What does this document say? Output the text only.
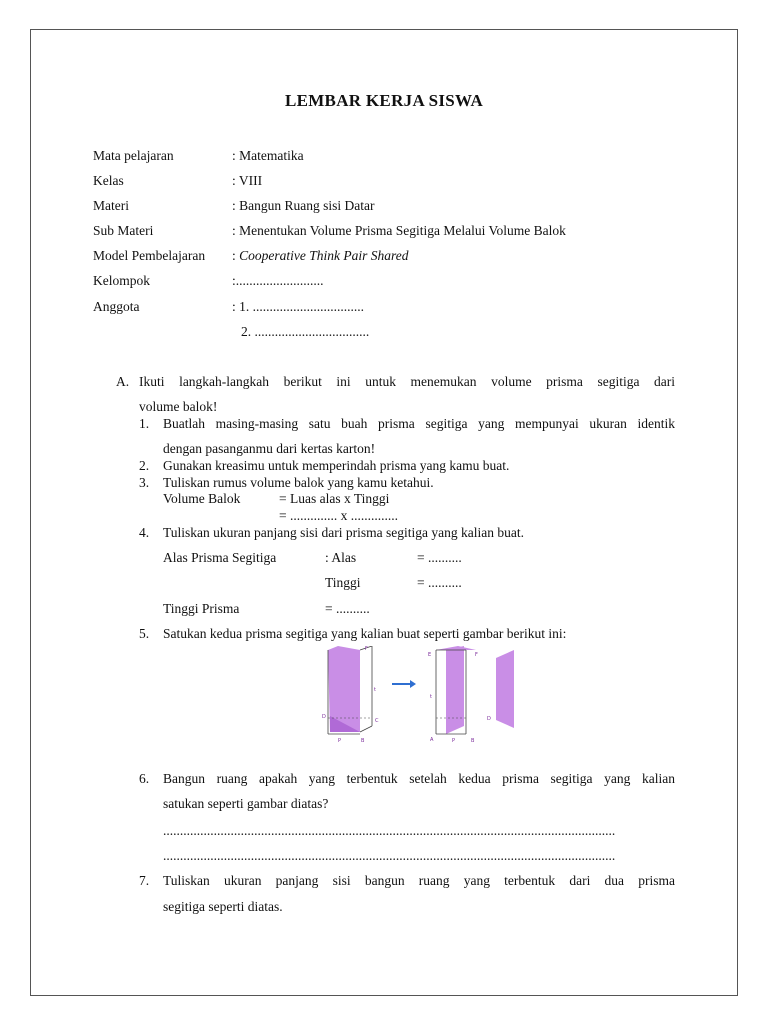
LEMBAR KERJA SISWA
Mata pelajaran	: Matematika
Kelas	: VIII
Materi	: Bangun Ruang sisi Datar
Sub Materi	: Menentukan Volume Prisma Segitiga Melalui Volume Balok
Model Pembelajaran : Cooperative Think Pair Shared
Kelompok	:..........................
Anggota	: 1. .................................
2. ..................................
A. Ikuti langkah-langkah berikut ini untuk menemukan volume prisma segitiga dari
volume balok!
1. Buatlah masing-masing satu buah prisma segitiga yang mempunyai ukuran identik
dengan pasanganmu dari kertas karton!
2. Gunakan kreasimu untuk memperindah prisma yang kamu buat.
3. Tuliskan rumus volume balok yang kamu ketahui.
Volume Balok	= Luas alas x Tinggi
= .............. x ..............
4. Tuliskan ukuran panjang sisi dari prisma segitiga yang kalian buat.
Alas Prisma Segitiga	: Alas	= ..........
Tinggi	= ..........
Tinggi Prisma	= ..........
5. Satukan kedua prisma segitiga yang kalian buat seperti gambar berikut ini:
F
t
D
C
P	B
E	F
t
A	P	B
D
6. Bangun ruang apakah yang terbentuk setelah kedua prisma segitiga yang kalian
satukan seperti gambar diatas?
......................................................................................................................................
......................................................................................................................................
7. Tuliskan ukuran panjang sisi bangun ruang yang terbentuk dari dua prisma
segitiga seperti diatas.
